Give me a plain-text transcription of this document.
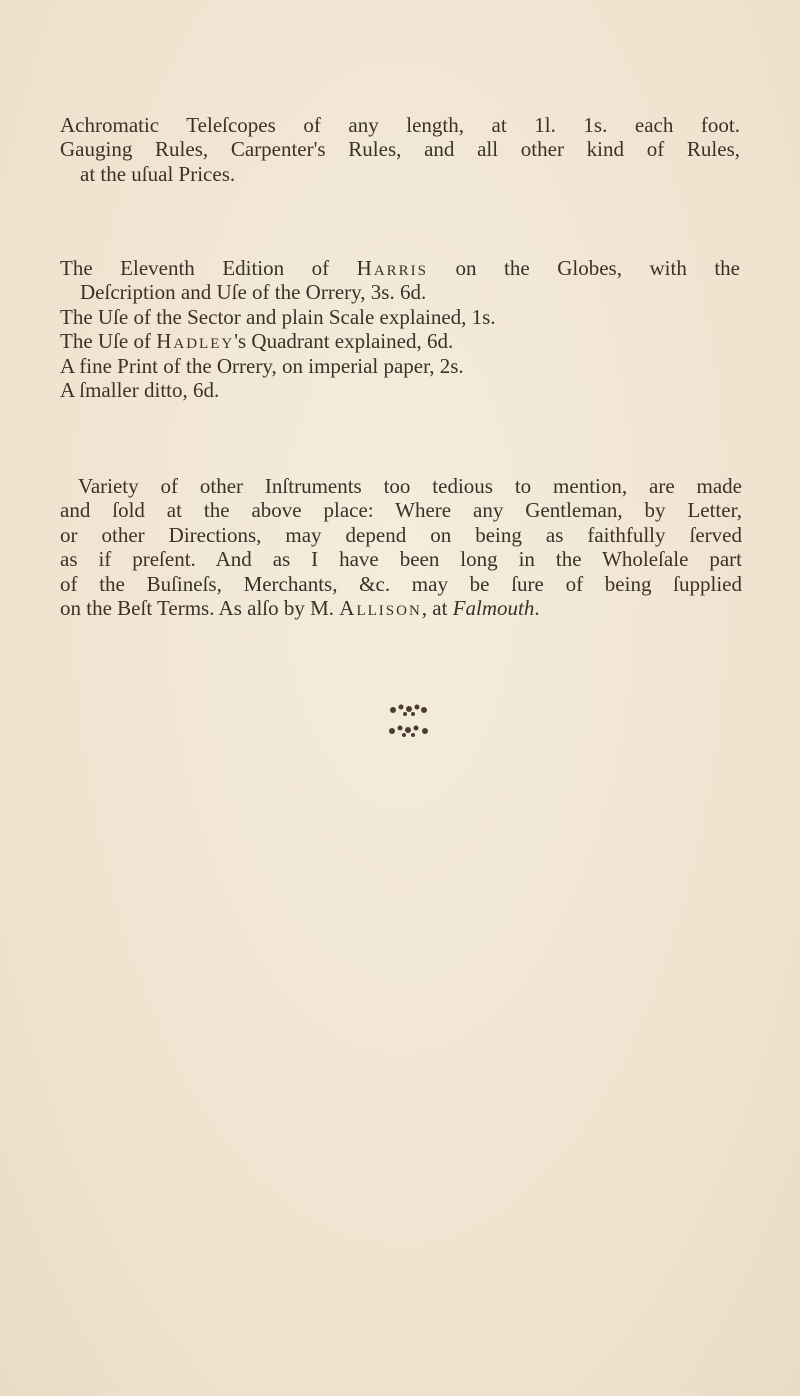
Achromatic Teleſcopes of any length, at 1l. 1s. each foot.
Gauging Rules, Carpenter's Rules, and all other kind of Rules,
at the uſual Prices.
The Eleventh Edition of Harris on the Globes, with the
Deſcription and Uſe of the Orrery, 3s. 6d.
The Uſe of the Sector and plain Scale explained, 1s.
The Uſe of Hadley's Quadrant explained, 6d.
A fine Print of the Orrery, on imperial paper, 2s.
A ſmaller ditto, 6d.
Variety of other Inſtruments too tedious to mention, are made
and ſold at the above place: Where any Gentleman, by Letter,
or other Directions, may depend on being as faithfully ſerved
as if preſent. And as I have been long in the Wholeſale part
of the Buſineſs, Merchants, &c. may be ſure of being ſupplied
on the Beſt Terms. As alſo by M. Allison, at Falmouth.
